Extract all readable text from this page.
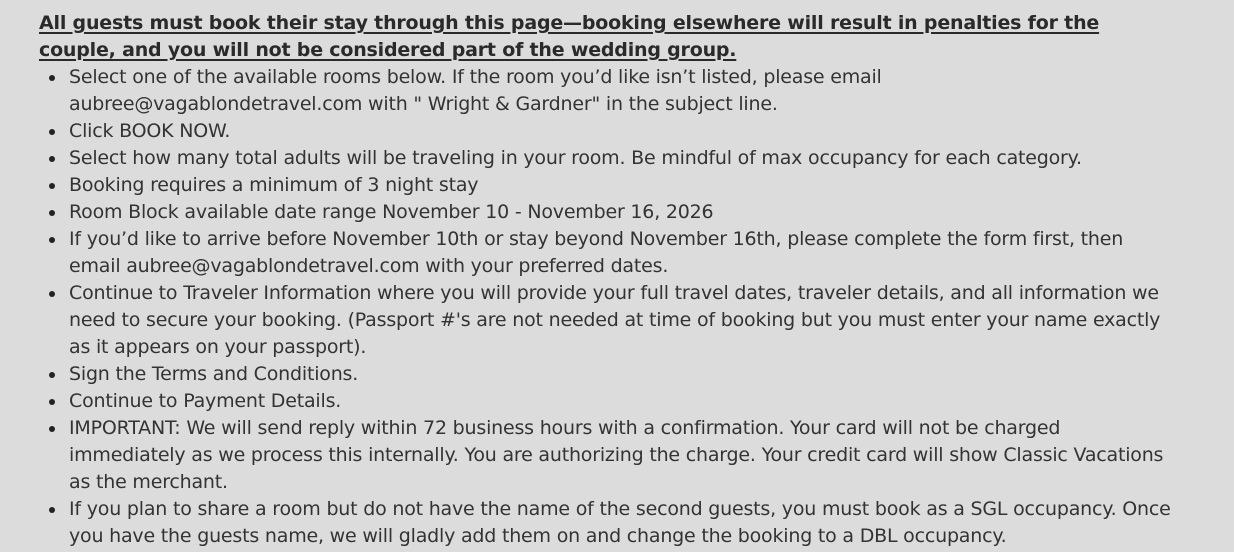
All guests must book their stay through this page—booking elsewhere will result in penalties for the couple, and you will not be considered part of the wedding group.

Select one of the available rooms below. If the room you’d like isn’t listed, please email aubree@vagablondetravel.com with " Wright & Gardner" in the subject line.
Click BOOK NOW.
Select how many total adults will be traveling in your room. Be mindful of max occupancy for each category.
Booking requires a minimum of 3 night stay
Room Block available date range November 10 - November 16, 2026
If you’d like to arrive before November 10th or stay beyond November 16th, please complete the form first, then email aubree@vagablondetravel.com with your preferred dates.
Continue to Traveler Information where you will provide your full travel dates, traveler details, and all information we need to secure your booking. (Passport #'s are not needed at time of booking but you must enter your name exactly as it appears on your passport).
Sign the Terms and Conditions.
Continue to Payment Details.
IMPORTANT: We will send reply within 72 business hours with a confirmation. Your card will not be charged immediately as we process this internally. You are authorizing the charge. Your credit card will show Classic Vacations as the merchant.
If you plan to share a room but do not have the name of the second guests, you must book as a SGL occupancy. Once you have the guests name, we will gladly add them on and change the booking to a DBL occupancy.
